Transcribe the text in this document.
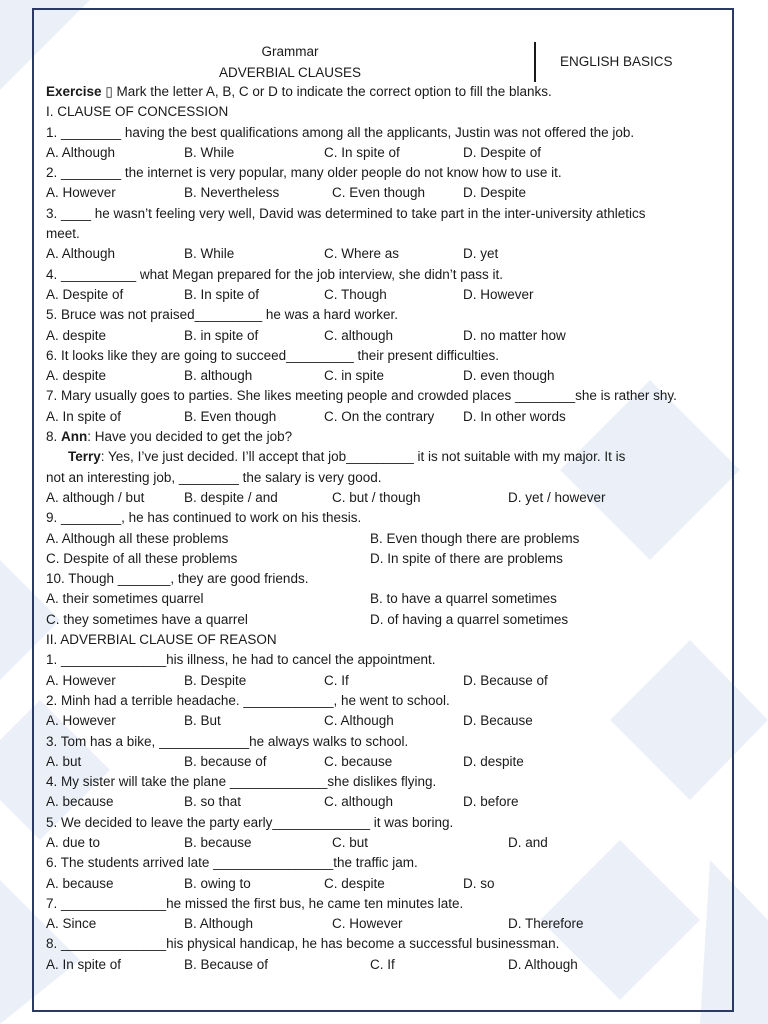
Grammar
ADVERBIAL CLAUSES
ENGLISH BASICS
Exercise ▯ Mark the letter A, B, C or D to indicate the correct option to fill the blanks.
I. CLAUSE OF CONCESSION
1. ________ having the best qualifications among all the applicants, Justin was not offered the job.
A. Although	B. While	C. In spite of	D. Despite of
2. ________ the internet is very popular, many older people do not know how to use it.
A. However	B. Nevertheless	C. Even though	D. Despite
3. ____ he wasn’t feeling very well, David was determined to take part in the inter-university athletics
meet.
A. Although	B. While	C. Where as	D. yet
4. __________ what Megan prepared for the job interview, she didn’t pass it.
A. Despite of	B. In spite of	C. Though	D. However
5. Bruce was not praised_________ he was a hard worker.
A. despite	B. in spite of	C. although	D. no matter how
6. It looks like they are going to succeed_________ their present difficulties.
A. despite	B. although	C. in spite	D. even though
7. Mary usually goes to parties. She likes meeting people and crowded places ________she is rather shy.
A. In spite of	B. Even though	C. On the contrary D. In other words
8. Ann: Have you decided to get the job?
Terry: Yes, I’ve just decided. I’ll accept that job_________ it is not suitable with my major. It is
not an interesting job, ________ the salary is very good.
A. although / but	B. despite / and	C. but / though	D. yet / however
9. ________, he has continued to work on his thesis.
A. Although all these problems	B. Even though there are problems
C. Despite of all these problems	D. In spite of there are problems
10. Though _______, they are good friends.
A. their sometimes quarrel	B. to have a quarrel sometimes
C. they sometimes have a quarrel	D. of having a quarrel sometimes
II. ADVERBIAL CLAUSE OF REASON
1. ______________his illness, he had to cancel the appointment.
A. However	B. Despite	C. If	D. Because of
2. Minh had a terrible headache. ____________, he went to school.
A. However	B. But	C. Although	D. Because
3. Tom has a bike, ____________he always walks to school.
A. but	B. because of	C. because	D. despite
4. My sister will take the plane _____________she dislikes flying.
A. because	B. so that	C. although	D. before
5. We decided to leave the party early_____________ it was boring.
A. due to	B. because	C. but	D. and
6. The students arrived late ________________the traffic jam.
A. because	B. owing to	C. despite	D. so
7. ______________he missed the first bus, he came ten minutes late.
A. Since	B. Although	C. However	D. Therefore
8. ______________his physical handicap, he has become a successful businessman.
A. In spite of	B. Because of	C. If	D. Although
